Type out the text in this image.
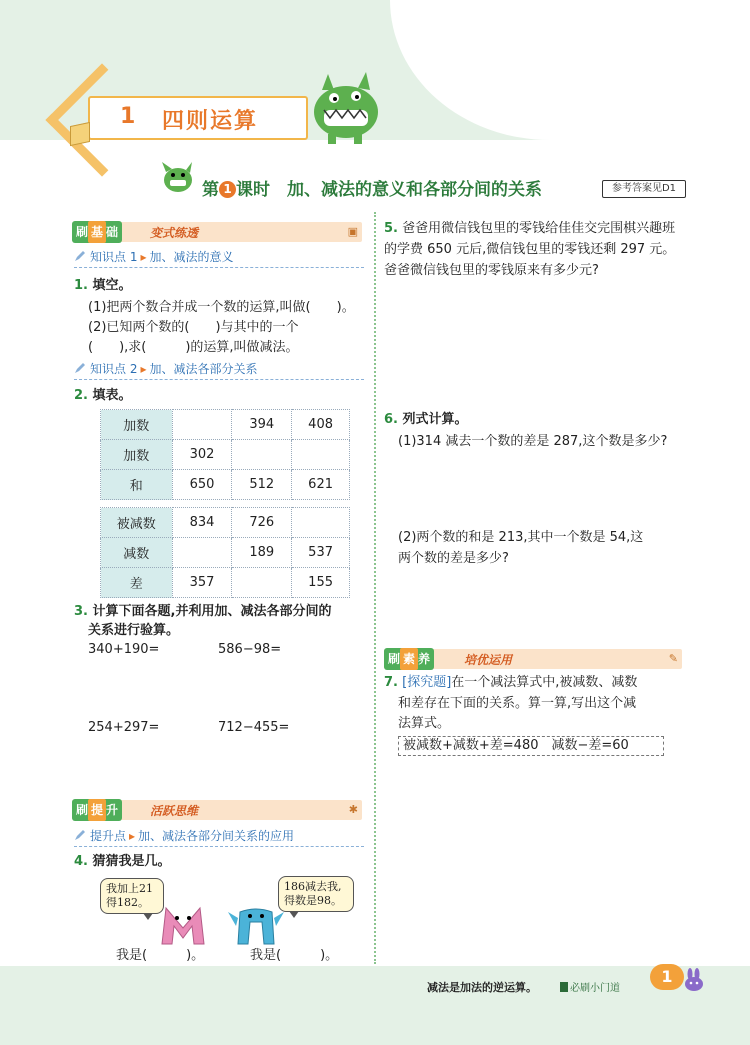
1 四则运算
第 1 课时　 加、减法的意义和各部分间的关系	参考答案见D1
刷 基 础	变式练透	▣
知识点 1 ▸ 加、减法的意义
1. 填空。
(1)把两个数合并成一个数的运算,叫做(　　)。
(2)已知两个数的(　　)与其中的一个
(　　),求(　　　)的运算,叫做减法。
知识点 2 ▸ 加、减法各部分关系
2. 填表。
加数		394	408
加数	302		
和	650	512	621
被减数	834	726	
减数		189	537
差	357		155
3. 计算下面各题,并利用加、减法各部分间的
关系进行验算。
340+190=	586−98=
254+297=	712−455=
刷 提 升	活跃思维	✱
提升点 ▸ 加、减法各部分间关系的应用
4. 猜猜我是几。
我加上21
得182。
186减去我,
得数是98。
我是(　　　)。	我是(　　　)。
5. 爸爸用微信钱包里的零钱给佳佳交完围棋兴趣班的学费 650 元后,微信钱包里的零钱还剩 297 元。爸爸微信钱包里的零钱原来有多少元?
6. 列式计算。
(1)314 减去一个数的差是 287,这个数是多少?
(2)两个数的和是 213,其中一个数是 54,这
两个数的差是多少?
刷 素 养	培优运用	✎
7. [探究题]在一个减法算式中,被减数、减数
和差存在下面的关系。算一算,写出这个减
法算式。
被减数+减数+差=480　减数−差=60
减法是加法的逆运算。	必刷小门道
1
